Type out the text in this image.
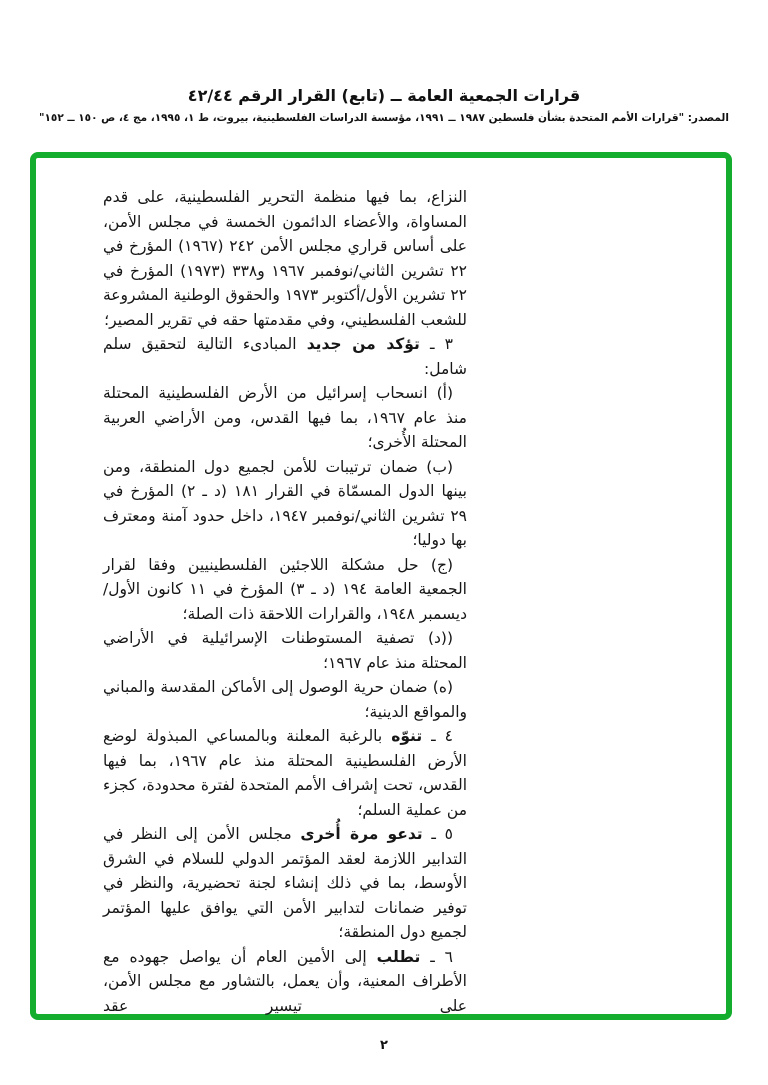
قرارات الجمعية العامة ــ (تابع) القرار الرقم ٤٢/٤٤
المصدر: "قرارات الأمم المتحدة بشأن فلسطين ١٩٨٧ ــ ١٩٩١، مؤسسة الدراسات الفلسطينية، بيروت، ط ١، ١٩٩٥، مج ٤، ص ١٥٠ ــ ١٥٢"

النزاع، بما فيها منظمة التحرير الفلسطينية، على قدم المساواة، والأعضاء الدائمون الخمسة في مجلس الأمن، على أساس قراري مجلس الأمن ٢٤٢ (١٩٦٧) المؤرخ في ٢٢ تشرين الثاني/نوفمبر ١٩٦٧ و٣٣٨ (١٩٧٣) المؤرخ في ٢٢ تشرين الأول/أكتوبر ١٩٧٣ والحقوق الوطنية المشروعة للشعب الفلسطيني، وفي مقدمتها حقه في تقرير المصير؛

٣ ـ تؤكد من جديد المبادىء التالية لتحقيق سلم شامل:

(أ) انسحاب إسرائيل من الأرض الفلسطينية المحتلة منذ عام ١٩٦٧، بما فيها القدس، ومن الأراضي العربية المحتلة الأُخرى؛

(ب) ضمان ترتيبات للأمن لجميع دول المنطقة، ومن بينها الدول المسمّاة في القرار ١٨١ (د ـ ٢) المؤرخ في ٢٩ تشرين الثاني/نوفمبر ١٩٤٧، داخل حدود آمنة ومعترف بها دوليا؛

(ج) حل مشكلة اللاجئين الفلسطينيين وفقا لقرار الجمعية العامة ١٩٤ (د ـ ٣) المؤرخ في ١١ كانون الأول/ديسمبر ١٩٤٨، والقرارات اللاحقة ذات الصلة؛

((د) تصفية المستوطنات الإسرائيلية في الأراضي المحتلة منذ عام ١٩٦٧؛

(ه) ضمان حرية الوصول إلى الأماكن المقدسة والمباني والمواقع الدينية؛

٤ ـ تنوّه بالرغبة المعلنة وبالمساعي المبذولة لوضع الأرض الفلسطينية المحتلة منذ عام ١٩٦٧، بما فيها القدس، تحت إشراف الأمم المتحدة لفترة محدودة، كجزء من عملية السلم؛

٥ ـ تدعو مرة أُخرى مجلس الأمن إلى النظر في التدابير اللازمة لعقد المؤتمر الدولي للسلام في الشرق الأوسط، بما في ذلك إنشاء لجنة تحضيرية، والنظر في توفير ضمانات لتدابير الأمن التي يوافق عليها المؤتمر لجميع دول المنطقة؛

٦ ـ تطلب إلى الأمين العام أن يواصل جهوده مع الأطراف المعنية، وأن يعمل، بالتشاور مع مجلس الأمن، على تيسير عقد

٢
